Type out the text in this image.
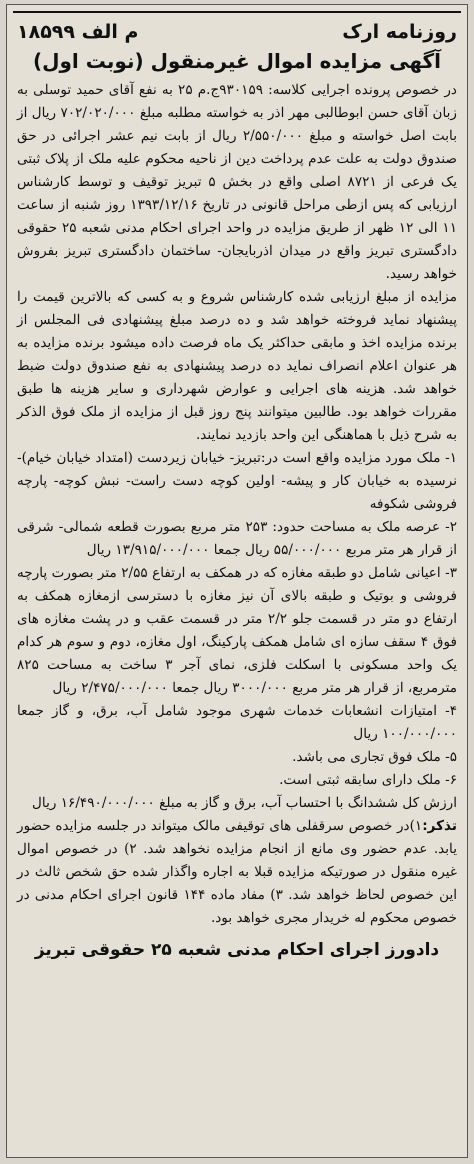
روزنامه ارک
م الف ۱۸۵۹۹
آگهی مزایده اموال غیرمنقول (نوبت اول)

در خصوص پرونده اجرایی کلاسه: ۹۳۰۱۵۹ج.م ۲۵ به نفع آقای حمید توسلی به زبان آقای حسن ابوطالبی مهر اذر به خواسته مطلبه مبلغ ۷۰۲/۰۲۰/۰۰۰ ریال از بابت اصل خواسته و مبلغ ۲/۵۵۰/۰۰۰ ریال از بابت نیم عشر اجرائی در حق صندوق دولت به علت عدم پرداخت دین از ناحیه محکوم علیه ملک از پلاک ثبتی یک فرعی از ۸۷۲۱ اصلی واقع در بخش ۵ تبریز توقیف و توسط کارشناس ارزیابی که پس ازطی مراحل قانونی در تاریخ ۱۳۹۳/۱۲/۱۶ روز شنبه از ساعت ۱۱ الی ۱۲ ظهر از طریق مزایده در واحد اجرای احکام مدنی شعبه ۲۵ حقوقی دادگستری تبریز واقع در میدان اذربایجان- ساختمان دادگستری تبریز بفروش خواهد رسید.

مزایده از مبلغ ارزیابی شده کارشناس شروع و به کسی که بالاترین قیمت را پیشنهاد نماید فروخته خواهد شد و ده درصد مبلغ پیشنهادی فی المجلس از برنده مزایده اخذ و مابقی حداکثر یک ماه فرصت داده میشود برنده مزایده به هر عنوان اعلام انصراف نماید ده درصد پیشنهادی به نفع صندوق دولت ضبط خواهد شد. هزینه های اجرایی و عوارض شهرداری و سایر هزینه ها طبق مقررات خواهد بود. طالبین میتوانند پنج روز قبل از مزایده از ملک فوق الذکر به شرح ذیل با هماهنگی این واحد بازدید نمایند.

۱- ملک مورد مزایده واقع است در:تبریز- خیابان زیردست (امتداد خیابان خیام)- نرسیده به خیابان کار و پیشه- اولین کوچه دست راست- نبش کوچه- پارچه فروشی شکوفه

۲- عرصه ملک به مساحت حدود: ۲۵۳ متر مربع بصورت قطعه شمالی- شرقی از قرار هر متر مربع ۵۵/۰۰۰/۰۰۰ ریال جمعا ۱۳/۹۱۵/۰۰۰/۰۰۰ ریال

۳- اعیانی شامل دو طبقه مغازه که در همکف به ارتفاع ۲/۵۵ متر بصورت پارچه فروشی و بوتیک و طبقه بالای آن نیز مغازه با دسترسی ازمغازه همکف به ارتفاع دو متر در قسمت جلو ۲/۲ متر در قسمت عقب و در پشت مغازه های فوق ۴ سقف سازه ای شامل همکف پارکینگ، اول مغازه، دوم و سوم هر کدام یک واحد مسکونی با اسکلت فلزی، نمای آجر ۳ ساخت به مساحت ۸۲۵ مترمربع، از قرار هر متر مربع ۳۰۰۰/۰۰۰ ریال جمعا ۲/۴۷۵/۰۰۰/۰۰۰ ریال

۴- امتیازات انشعابات خدمات شهری موجود شامل آب، برق، و گاز جمعا ۱۰۰/۰۰۰/۰۰۰ ریال

۵- ملک فوق تجاری می باشد.

۶- ملک دارای سابقه ثبتی است.

ارزش کل ششدانگ با احتساب آب، برق و گاز به مبلغ ۱۶/۴۹۰/۰۰۰/۰۰۰ ریال

تذکر:۱)در خصوص سرقفلی های توقیفی مالک میتواند در جلسه مزایده حضور یابد. عدم حضور وی مانع از انجام مزایده نخواهد شد. ۲) در خصوص اموال غیره منقول در صورتیکه مزایده قبلا به اجاره واگذار شده حق شخص ثالث در این خصوص لحاظ خواهد شد. ۳) مفاد ماده ۱۴۴ قانون اجرای احکام مدنی در خصوص محکوم له خریدار مجری خواهد بود.

دادورز اجرای احکام مدنی شعبه ۲۵ حقوقی تبریز
